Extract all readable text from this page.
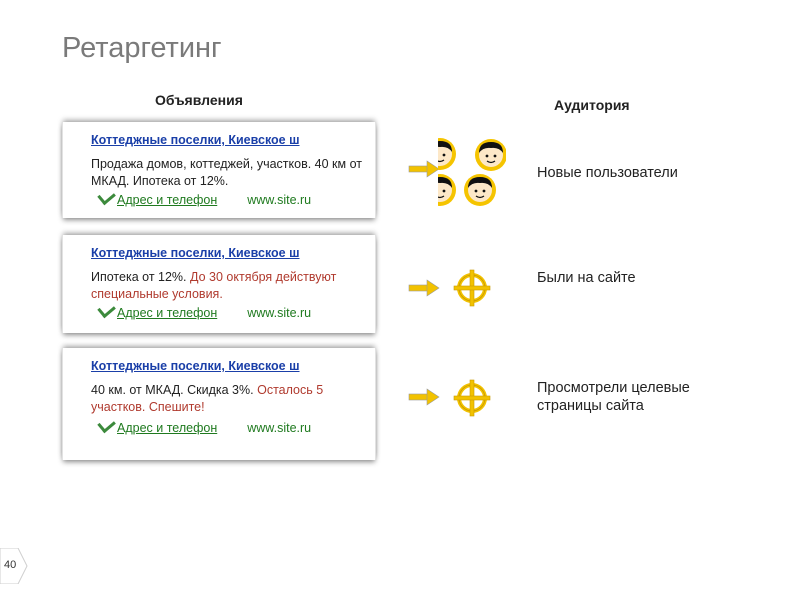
Ретаргетинг
Объявления	Аудитория
Коттеджные поселки, Киевское ш
Продажа домов, коттеджей, участков. 40 км от МКАД. Ипотека от 12%.
Адрес и телефон www.site.ru
Коттеджные поселки, Киевское ш
Ипотека от 12%. До 30 октября действуют специальные условия.
Адрес и телефон www.site.ru
Коттеджные поселки, Киевское ш
40 км. от МКАД. Скидка 3%. Осталось 5 участков. Спешите!
Адрес и телефон www.site.ru
Новые пользователи
Были на сайте
Просмотрели целевые страницы сайта
40
